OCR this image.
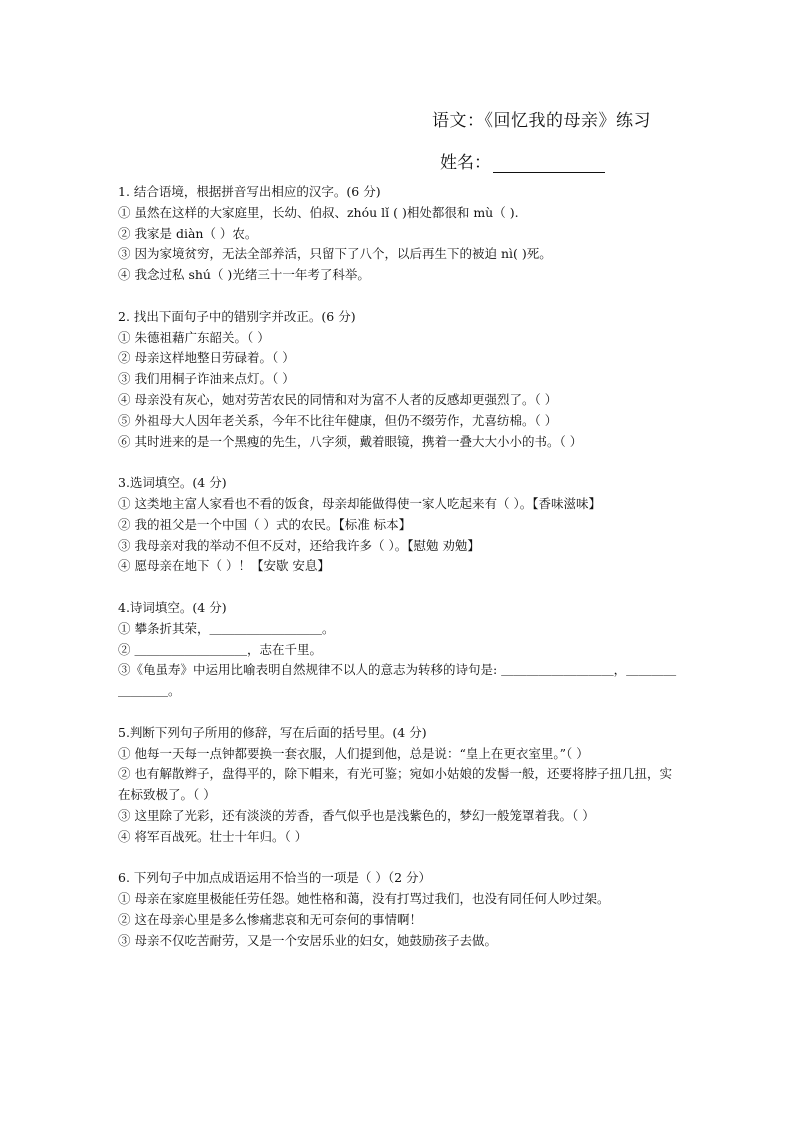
语文：《回忆我的母亲》练习
姓名：

1. 结合语境，根据拼音写出相应的汉字。(6 分)

① 虽然在这样的大家庭里，长幼、伯叔、zhóu lǐ ( )相处都很和 mù（ ).

② 我家是 diàn（ ）农。

③ 因为家境贫穷，无法全部养活，只留下了八个，以后再生下的被迫 nì( )死。

④ 我念过私 shú（ )光绪三十一年考了科举。

2. 找出下面句子中的错别字并改正。(6 分)

① 朱德祖藉广东韶关。（ ）

② 母亲这样地整日劳碌着。（ ）

③ 我们用桐子诈油来点灯。（ ）

④ 母亲没有灰心，她对劳苦农民的同情和对为富不人者的反感却更强烈了。（ ）

⑤ 外祖母大人因年老关系，今年不比往年健康，但仍不缀劳作，尤喜纺棉。（ ）

⑥ 其时进来的是一个黑瘦的先生，八字须，戴着眼镜，携着一叠大大小小的书。（ ）

3.选词填空。(4 分)

① 这类地主富人家看也不看的饭食，母亲却能做得使一家人吃起来有（ ）。【香味滋味】

② 我的祖父是一个中国（ ）式的农民。【标准 标本】

③ 我母亲对我的举动不但不反对，还给我许多（ ）。【慰勉 劝勉】

④ 愿母亲在地下（ ）！【安歇 安息】

4.诗词填空。(4 分)

① 攀条折其荣，＿＿＿＿＿＿＿＿＿。

② ＿＿＿＿＿＿＿＿＿，志在千里。

③《龟虽寿》中运用比喻表明自然规律不以人的意志为转移的诗句是: ＿＿＿＿＿＿＿＿＿，＿＿＿＿＿＿＿＿。

5.判断下列句子所用的修辞，写在后面的括号里。(4 分)

① 他每一天每一点钟都要换一套衣服，人们提到他，总是说：“皇上在更衣室里。”（ ）

② 也有解散辫子，盘得平的，除下帽来，有光可鉴；宛如小姑娘的发髻一般，还要将脖子扭几扭，实在标致极了。（ ）

③ 这里除了光彩，还有淡淡的芳香，香气似乎也是浅紫色的，梦幻一般笼罩着我。（ ）

④ 将军百战死。壮士十年归。（ ）

6. 下列句子中加点成语运用不恰当的一项是（ ）（2 分）

① 母亲在家庭里极能任劳任怨。她性格和蔼，没有打骂过我们，也没有同任何人吵过架。

② 这在母亲心里是多么惨痛悲哀和无可奈何的事情啊！

③ 母亲不仅吃苦耐劳，又是一个安居乐业的妇女，她鼓励孩子去做。
